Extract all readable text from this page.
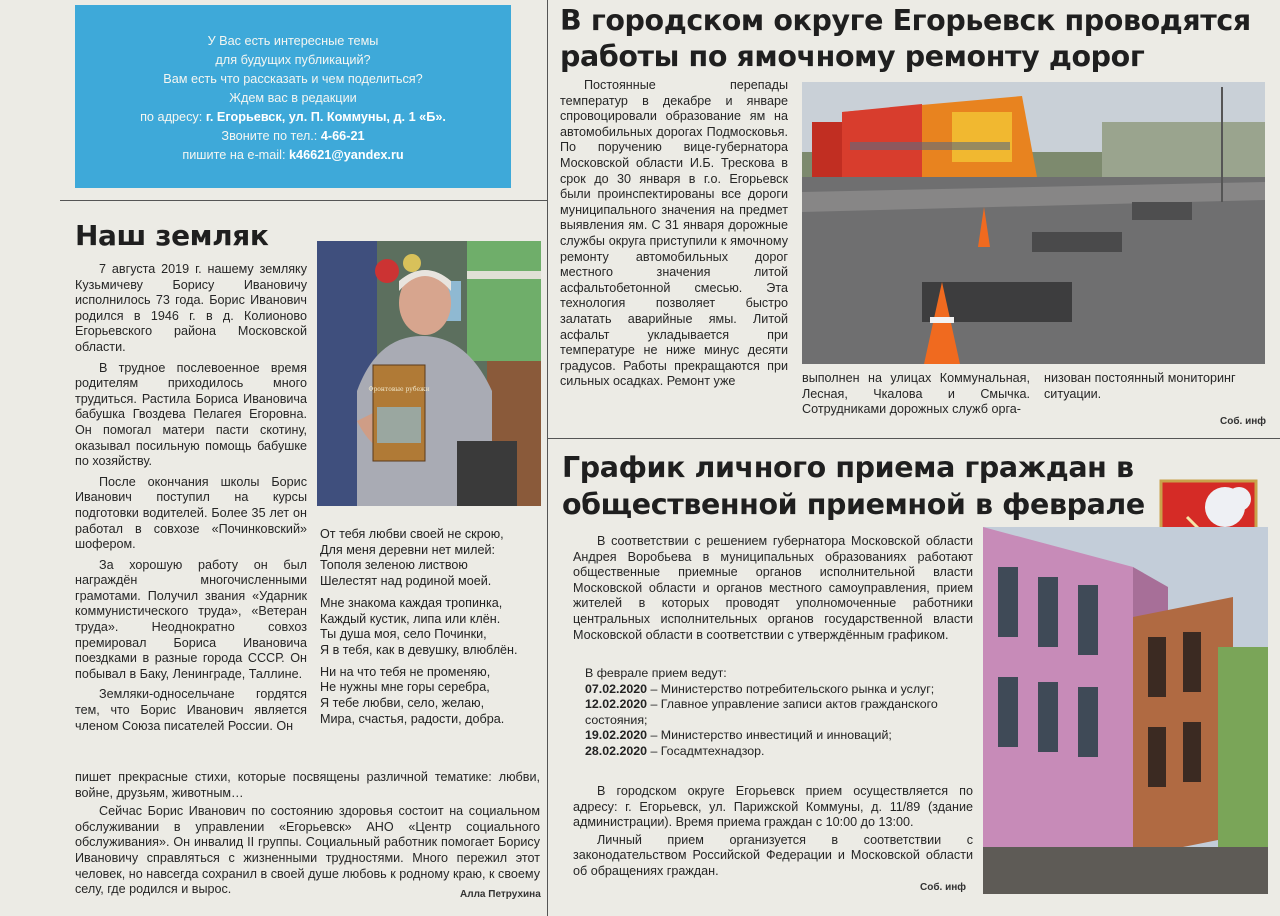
У Вас есть интересные темы
для будущих публикаций?
Вам есть что рассказать и чем поделиться?
Ждем вас в редакции
по адресу: г. Егорьевск, ул. П. Коммуны, д. 1 «Б».
Звоните по тел.: 4-66-21
пишите на e-mail: k46621@yandex.ru
Наш земляк

7 августа 2019 г. нашему земляку Кузьмичеву Борису Ивановичу исполнилось 73 года. Борис Иванович родился в 1946 г. в д. Колионово Егорьевского района Московской области.

В трудное послевоенное время родителям приходилось много трудиться. Растила Бориса Ивановича бабушка Гвоздева Пелагея Егоровна. Он помогал матери пасти скотину, оказывал посильную помощь бабушке по хозяйству.

После окончания школы Борис Иванович поступил на курсы подготовки водителей. Более 35 лет он работал в совхозе «Починковский» шофером.

За хорошую работу он был награждён многочисленными грамотами. Получил звания «Ударник коммунистического труда», «Ветеран труда». Неоднократно совхоз премировал Бориса Ивановича поездками в разные города СССР. Он побывал в Баку, Ленинграде, Таллине.

Земляки-односельчане гордятся тем, что Борис Иванович является членом Союза писателей России. Он

пишет прекрасные стихи, которые посвящены различной тематике: любви, войне, друзьям, животным…

Сейчас Борис Иванович по состоянию здоровья состоит на социальном обслуживании в управлении «Егорьевск» АНО «Центр социального обслуживания». Он инвалид II группы. Социальный работник помогает Борису Ивановичу справляться с жизненными трудностями. Много пережил этот человек, но навсегда сохранил в своей душе любовь к родному краю, к своему селу, где родился и вырос.

Фронтовые рубежи

От тебя любви своей не скрою,

Для меня деревни нет милей:

Тополя зеленою листвою

Шелестят над родиной моей.

Мне знакома каждая тропинка,

Каждый кустик, липа или клён.

Ты душа моя, село Починки,

Я в тебя, как в девушку, влюблён.

Ни на что тебя не променяю,

Не нужны мне горы серебра,

Я тебе любви, село, желаю,

Мира, счастья, радости, добра.

Алла Петрухина
В городском округе Егорьевск проводятся
работы по ямочному ремонту дорог
Постоянные перепады температур в декабре и январе спровоцировали образование ям на автомобильных дорогах Подмосковья. По поручению вице-губернатора Московской области И.Б. Трескова в срок до 30 января в г.о. Егорьевск были проинспектированы все дороги муниципального значения на предмет выявления ям. С 31 января дорожные службы округа приступили к ямочному ремонту автомобильных дорог местного значения литой асфальтобетонной смесью. Эта технология позволяет быстро залатать аварийные ямы. Литой асфальт укладывается при температуре не ниже минус десяти градусов. Работы прекращаются при сильных осадках. Ремонт уже	выполнен на улицах Коммунальная, Лесная, Чкалова и Смычка. Сотрудниками дорожных служб орга-
низован постоянный мониторинг ситуации.
Соб. инф
График личного приема граждан в
общественной приемной в феврале
В соответствии с решением губернатора Московской области Андрея Воробьева в муниципальных образованиях работают общественные приемные органов исполнительной власти Московской области и органов местного самоуправления, прием жителей в которых проводят уполномоченные работники центральных исполнительных органов государственной власти Московской области в соответствии с утверждённым графиком.

В феврале прием ведут:

07.02.2020 – Министерство потребительского рынка и услуг;

12.02.2020 – Главное управление записи актов гражданского состояния;

19.02.2020 – Министерство инвестиций и инноваций;

28.02.2020 – Госадмтехнадзор.

В городском округе Егорьевск прием осуществляется по адресу: г. Егорьевск, ул. Парижской Коммуны, д. 11/89 (здание администрации). Время приема граждан с 10:00 до 13:00.

Личный прием организуется в соответствии с законодательством Российской Федерации и Московской области об обращениях граждан.

Соб. инф
